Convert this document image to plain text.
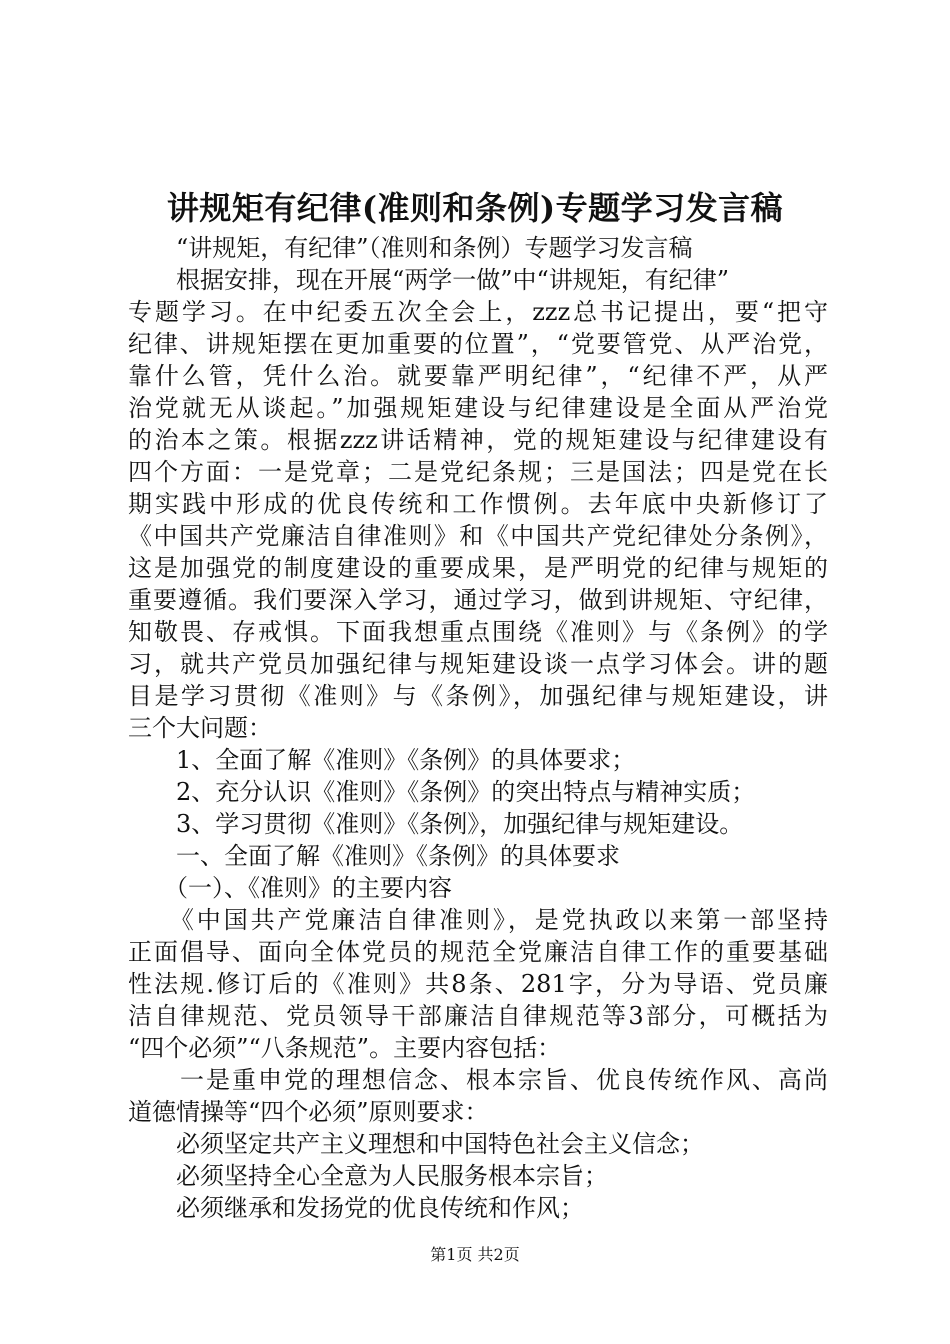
讲规矩有纪律(准则和条例)专题学习发言稿
　　“讲规矩，有纪律”（准则和条例）专题学习发言稿
　　根据安排，现在开展“两学一做”中“讲规矩，有纪律”
专题学习。在中纪委五次全会上，zzz总书记提出，要“把守
纪律、讲规矩摆在更加重要的位置”，“党要管党、从严治党，
靠什么管，凭什么治。就要靠严明纪律”，“纪律不严，从严
治党就无从谈起。”加强规矩建设与纪律建设是全面从严治党
的治本之策。根据zzz讲话精神，党的规矩建设与纪律建设有
四个方面：一是党章；二是党纪条规；三是国法；四是党在长
期实践中形成的优良传统和工作惯例。去年底中央新修订了
《中国共产党廉洁自律准则》和《中国共产党纪律处分条例》，
这是加强党的制度建设的重要成果，是严明党的纪律与规矩的
重要遵循。我们要深入学习，通过学习，做到讲规矩、守纪律，
知敬畏、存戒惧。下面我想重点围绕《准则》与《条例》的学
习，就共产党员加强纪律与规矩建设谈一点学习体会。讲的题
目是学习贯彻《准则》与《条例》，加强纪律与规矩建设，讲
三个大问题：
　　1、全面了解《准则》《条例》的具体要求；
　　2、充分认识《准则》《条例》的突出特点与精神实质；
　　3、学习贯彻《准则》《条例》，加强纪律与规矩建设。
　　一、全面了解《准则》《条例》的具体要求
　　（一）、《准则》的主要内容
　　《中国共产党廉洁自律准则》，是党执政以来第一部坚持
正面倡导、面向全体党员的规范全党廉洁自律工作的重要基础
性法规.修订后的《准则》共8条、281字，分为导语、党员廉
洁自律规范、党员领导干部廉洁自律规范等3部分，可概括为
“四个必须”“八条规范”。主要内容包括：
　　一是重申党的理想信念、根本宗旨、优良传统作风、高尚
道德情操等“四个必须”原则要求：
　　必须坚定共产主义理想和中国特色社会主义信念；
　　必须坚持全心全意为人民服务根本宗旨；
　　必须继承和发扬党的优良传统和作风；
第1页 共2页
